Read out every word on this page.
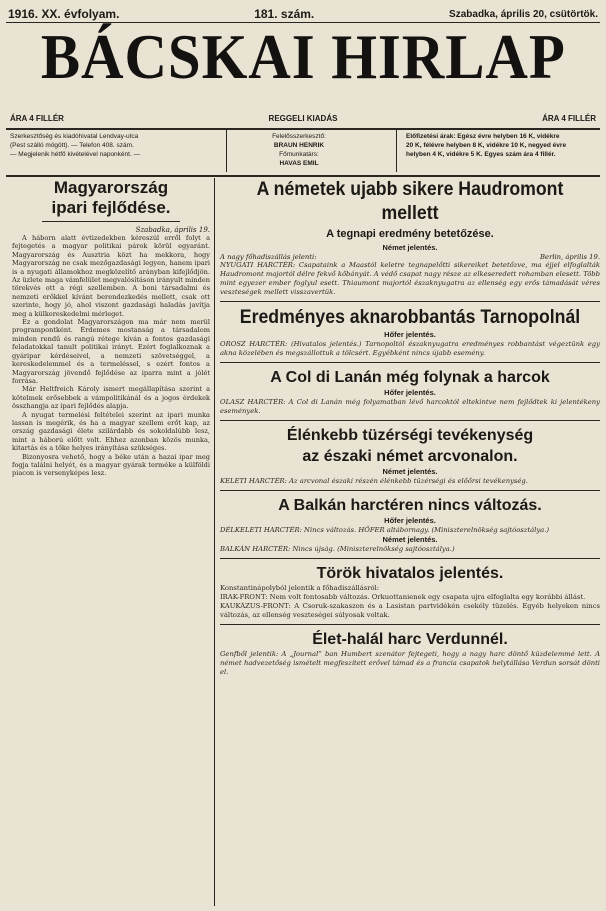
1916. XX. évfolyam.	181. szám.	Szabadka, április 20, csütörtök.
BÁCSKAI HIRLAP
ÁRA 4 FILLÉR	REGGELI KIADÁS	ÁRA 4 FILLÉR
Szerkesztőség és kiadóhivatal Lendvay-utca
(Pest szálló mögött). — Telefon 408. szám.
— Megjelenik hétfő kivételével naponként. —
Felelősszerkesztő:
BRAUN HENRIK
Főmunkatárs:
HAVAS EMIL
Előfizetési árak: Egész évre helyben 16 K, vidékre
20 K, félévre helyben 8 K, vidékre 10 K, negyed évre
helyben 4 K, vidékre 5 K. Egyes szám ára 4 fillér.
Magyarország
ipari fejlődése.
Szabadka, április 19.

A háborn alatt évtizedekben kéreszúl erről folyt a fejtegetés a magyar politikai párok körül egyaránt. Magyarország és Ausztria közt ha mekkora, hogy Magyarország ne csak mezőgazdasági legyen, hanem ipari is a nyugati államokhoz megközelítő arányban kifejlődjön. Az üzlete maga vámfelület megvalósításon irányult minden törekvés ott a régi szellemben. A boni társadalmi és nemzeti erőkkel kívánt berendezkedés mellett, csak ott szerinte, hogy jó, ahol viszont gazdasági haladás javítja meg a külkereskedelmi mérleget.

Ez a gondolat Magyarországon ma már nem merül programpontként. Érdemes mostanság a társadalom minden rendű és rangú rétege kíván a fontos gazdasági feladatokkal tanult politikai irányt. Ezért foglalkoznak a gyáripar kérdéseivel, a nemzeti szövetséggel, a kereskedelemmel és a termeléssel, s ezért fontos a Magyarország jövendő fejlődése az iparra mint a jólét forrása.

Már Heltfreich Károly ismert megállapítása szerint a kötelmek erősebbek a vámpolitikánál és a jogos érdekek összhangja az ipari fejlődés alapja.

A nyugat termelési feltételei szerint az ipari munka lassan is megérik, és ha a magyar szellem erőt kap, az ország gazdasági élete szilárdabb és sokoldalúbb lesz, mint a háború előtt volt. Ehhez azonban közös munka, kitartás és a tőke helyes irányítása szükséges.

Bizonyosra vehető, hogy a béke után a hazai ipar meg fogja találni helyét, és a magyar gyárak terméke a külföldi piacon is versenyképes lesz.

A németek ujabb sikere Haudromont mellett
A tegnapi eredmény betetőzése.
Német jelentés.
A nagy főhadiszállás jelenti:	Berlin, április 19.
NYUGATI HARCTÉR: Csapataink a Maastól keletre tegnapelőtti sikereiket betetőzve, ma éjjel elfoglalták Haudromont majortól délre fekvő kőbányát. A védő csapat nagy része az elkeseredett rohamban elesett. Több mint egyezer ember foglyul esett. Thiaumont majortól északnyugatra az ellenség egy erős támadását véres veszteségek mellett visszavertük.
Eredményes aknarobbantás Tarnopolnál
Hőfer jelentés.
OROSZ HARCTÉR: (Hivatalos jelentés.) Tarnopoltól északnyugatra eredményes robbantást végeztünk egy akna közelében és megszállottuk a tölcsért. Egyébként nincs újabb esemény.
A Col di Lanán még folynak a harcok
Hőfer jelentés.
OLASZ HARCTÉR: A Col di Lanán még folyamatban lévő harcoktól eltekintve nem fejlődtek ki jelentékeny események.
Élénkebb tüzérségi tevékenység
az északi német arcvonalon.
Német jelentés.
KELETI HARCTÉR: Az arcvonal északi részén élénkebb tüzérségi és előőrsi tevékenység.
A Balkán harctéren nincs változás.
Hőfer jelentés.
DÉLKELETI HARCTÉR: Nincs változás. HÖFER altábornagy. (Miniszterelnökség sajtóosztálya.)
Német jelentés.
BALKÁN HARCTÉR: Nincs újság. (Miniszterelnökség sajtóosztálya.)
Török hivatalos jelentés.
Konstantinápolyból jelentik a főhadiszállásról:
IRAK-FRONT: Nem volt fontosabb változás. Orkuottanienek egy csapata ujra elfoglalta egy korábbi állást.
KAUKÁZUS-FRONT: A Csoruk-szakaszon és a Lasistan partvidékén csekély tüzelés. Egyéb helyeken nincs változás, az ellenség veszteségei súlyosak voltak.
Élet-halál harc Verdunnél.
Genfből jelentik: A „Journal” ban Humbert szenátor fejtegeti, hogy a nagy harc döntő küzdelemmé lett. A német hadvezetőség ismételt megfeszített erővel támad és a francia csapatok helytállása Verdun sorsát dönti el.
